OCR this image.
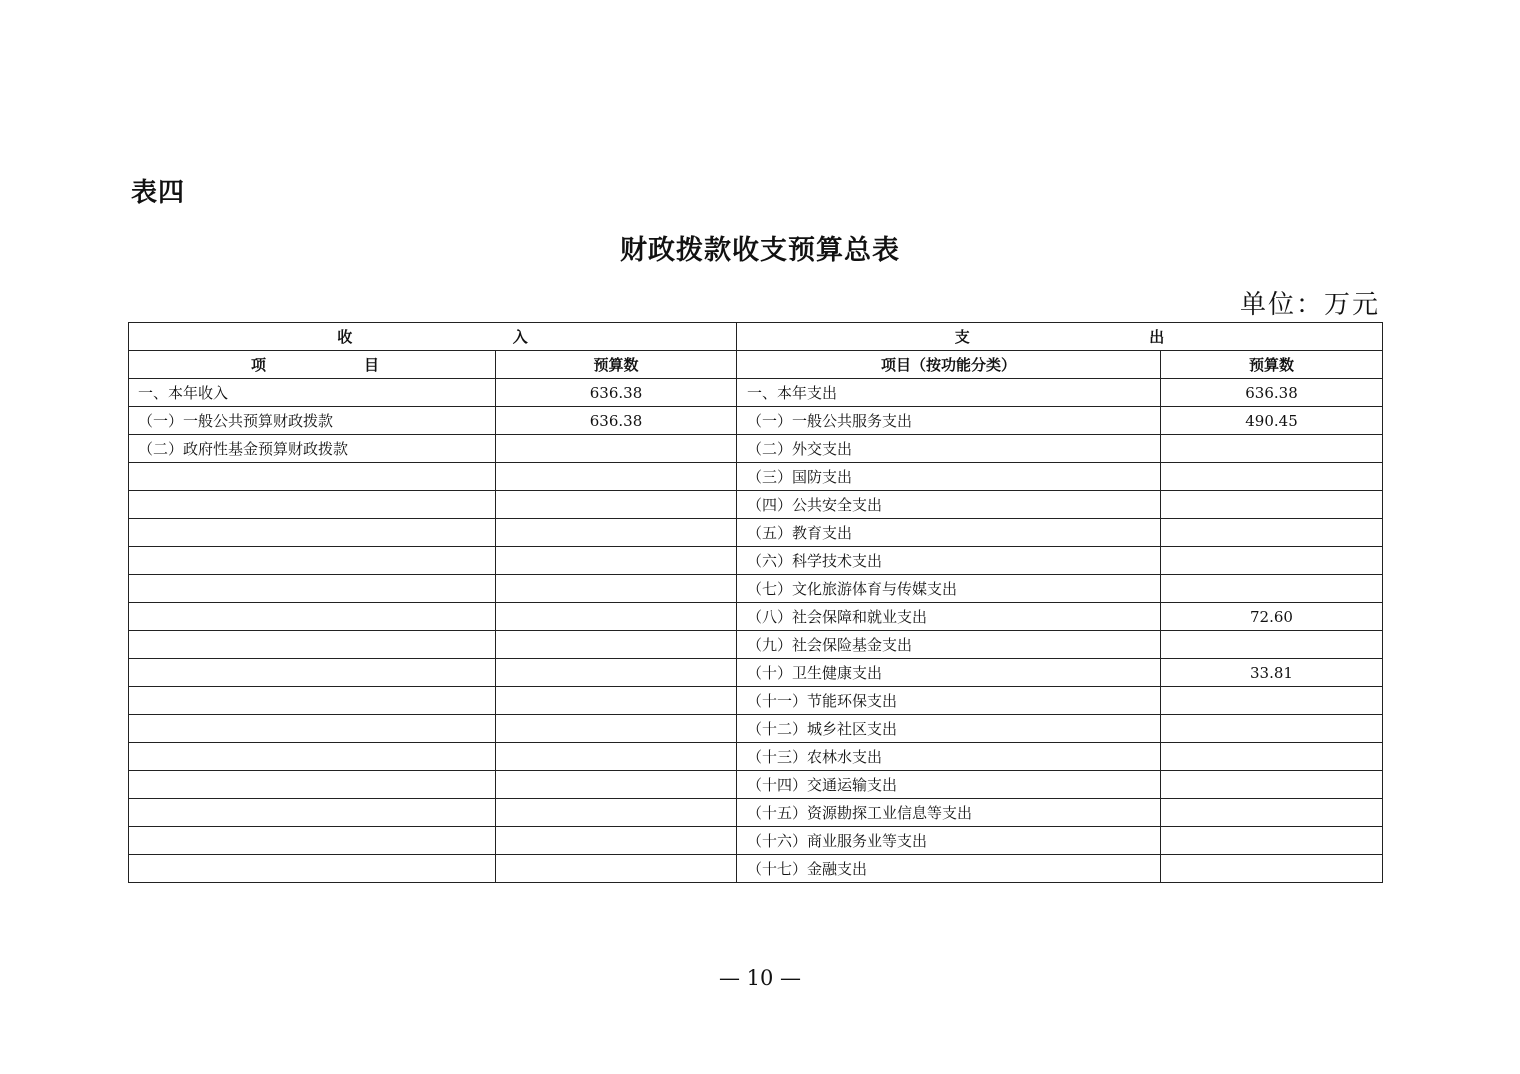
表四
财政拨款收支预算总表
单位：万元
收 入		支 出	

项 目	预算数	项目（按功能分类）	预算数
一、本年收入	636.38	一、本年支出	636.38
（一）一般公共预算财政拨款	636.38	（一）一般公共服务支出	490.45
（二）政府性基金预算财政拨款		（二）外交支出	
		（三）国防支出	
		（四）公共安全支出	
		（五）教育支出	
		（六）科学技术支出	
		（七）文化旅游体育与传媒支出	
		（八）社会保障和就业支出	72.60
		（九）社会保险基金支出	
		（十）卫生健康支出	33.81
		（十一）节能环保支出	
		（十二）城乡社区支出	
		（十三）农林水支出	
		（十四）交通运输支出	
		（十五）资源勘探工业信息等支出	
		（十六）商业服务业等支出	
		（十七）金融支出	
— 10 —
